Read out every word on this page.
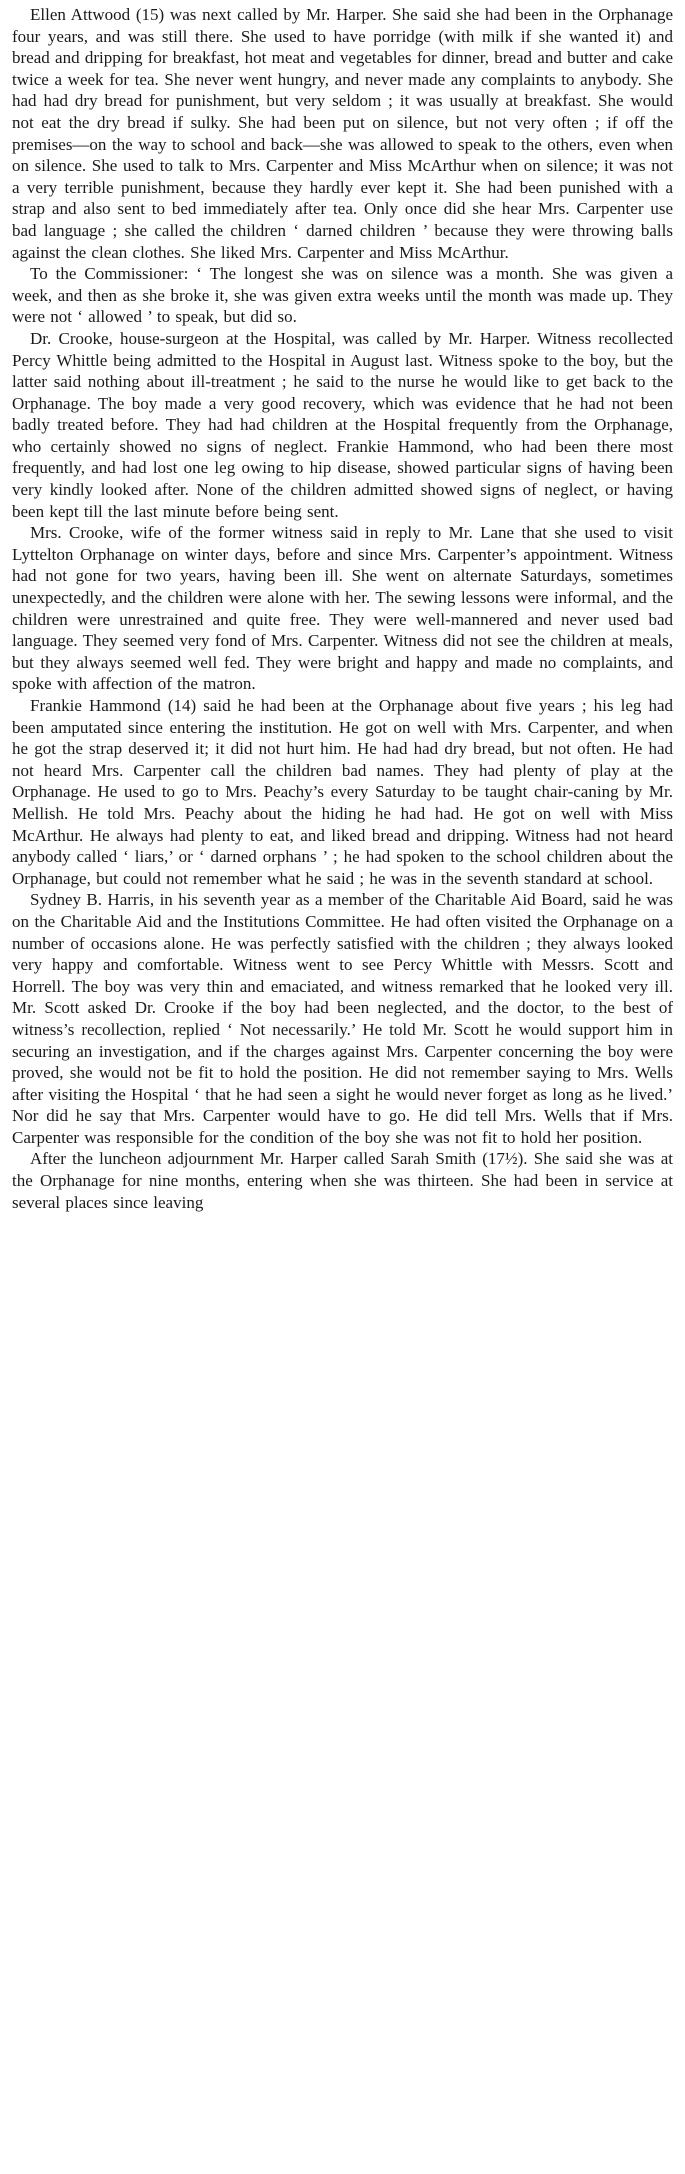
Ellen Attwood (15) was next called by Mr. Harper. She said she had been in the Orphanage four years, and was still there. She used to have porridge (with milk if she wanted it) and bread and dripping for breakfast, hot meat and vegetables for dinner, bread and butter and cake twice a week for tea. She never went hungry, and never made any complaints to anybody. She had had dry bread for punishment, but very seldom ; it was usually at breakfast. She would not eat the dry bread if sulky. She had been put on silence, but not very often ; if off the premises—on the way to school and back—she was allowed to speak to the others, even when on silence. She used to talk to Mrs. Carpenter and Miss McArthur when on silence; it was not a very terrible punishment, because they hardly ever kept it. She had been punished with a strap and also sent to bed immediately after tea. Only once did she hear Mrs. Carpenter use bad language ; she called the children ‘ darned children ’ because they were throwing balls against the clean clothes. She liked Mrs. Carpenter and Miss McArthur.

To the Commissioner: ‘ The longest she was on silence was a month. She was given a week, and then as she broke it, she was given extra weeks until the month was made up. They were not ‘ allowed ’ to speak, but did so.

Dr. Crooke, house-surgeon at the Hospital, was called by Mr. Harper. Witness recollected Percy Whittle being admitted to the Hospital in August last. Witness spoke to the boy, but the latter said nothing about ill-treatment ; he said to the nurse he would like to get back to the Orphanage. The boy made a very good recovery, which was evidence that he had not been badly treated before. They had had children at the Hospital frequently from the Orphanage, who certainly showed no signs of neglect. Frankie Hammond, who had been there most frequently, and had lost one leg owing to hip disease, showed particular signs of having been very kindly looked after. None of the children admitted showed signs of neglect, or having been kept till the last minute before being sent.

Mrs. Crooke, wife of the former witness said in reply to Mr. Lane that she used to visit Lyttelton Orphanage on winter days, before and since Mrs. Carpenter’s appointment. Witness had not gone for two years, having been ill. She went on alternate Saturdays, sometimes unexpectedly, and the children were alone with her. The sewing lessons were informal, and the children were unrestrained and quite free. They were well-mannered and never used bad language. They seemed very fond of Mrs. Carpenter. Witness did not see the children at meals, but they always seemed well fed. They were bright and happy and made no complaints, and spoke with affection of the matron.

Frankie Hammond (14) said he had been at the Orphanage about five years ; his leg had been amputated since entering the institution. He got on well with Mrs. Carpenter, and when he got the strap deserved it; it did not hurt him. He had had dry bread, but not often. He had not heard Mrs. Carpenter call the children bad names. They had plenty of play at the Orphanage. He used to go to Mrs. Peachy’s every Saturday to be taught chair-caning by Mr. Mellish. He told Mrs. Peachy about the hiding he had had. He got on well with Miss McArthur. He always had plenty to eat, and liked bread and dripping. Witness had not heard anybody called ‘ liars,’ or ‘ darned orphans ’ ; he had spoken to the school children about the Orphanage, but could not remember what he said ; he was in the seventh standard at school.

Sydney B. Harris, in his seventh year as a member of the Charitable Aid Board, said he was on the Charitable Aid and the Institutions Committee. He had often visited the Orphanage on a number of occasions alone. He was perfectly satisfied with the children ; they always looked very happy and comfortable. Witness went to see Percy Whittle with Messrs. Scott and Horrell. The boy was very thin and emaciated, and witness remarked that he looked very ill. Mr. Scott asked Dr. Crooke if the boy had been neglected, and the doctor, to the best of witness’s recollection, replied ‘ Not necessarily.’ He told Mr. Scott he would support him in securing an investigation, and if the charges against Mrs. Carpenter concerning the boy were proved, she would not be fit to hold the position. He did not remember saying to Mrs. Wells after visiting the Hospital ‘ that he had seen a sight he would never forget as long as he lived.’ Nor did he say that Mrs. Carpenter would have to go. He did tell Mrs. Wells that if Mrs. Carpenter was responsible for the condition of the boy she was not fit to hold her position.

After the luncheon adjournment Mr. Harper called Sarah Smith (17½). She said she was at the Orphanage for nine months, entering when she was thirteen. She had been in service at several places since leaving
